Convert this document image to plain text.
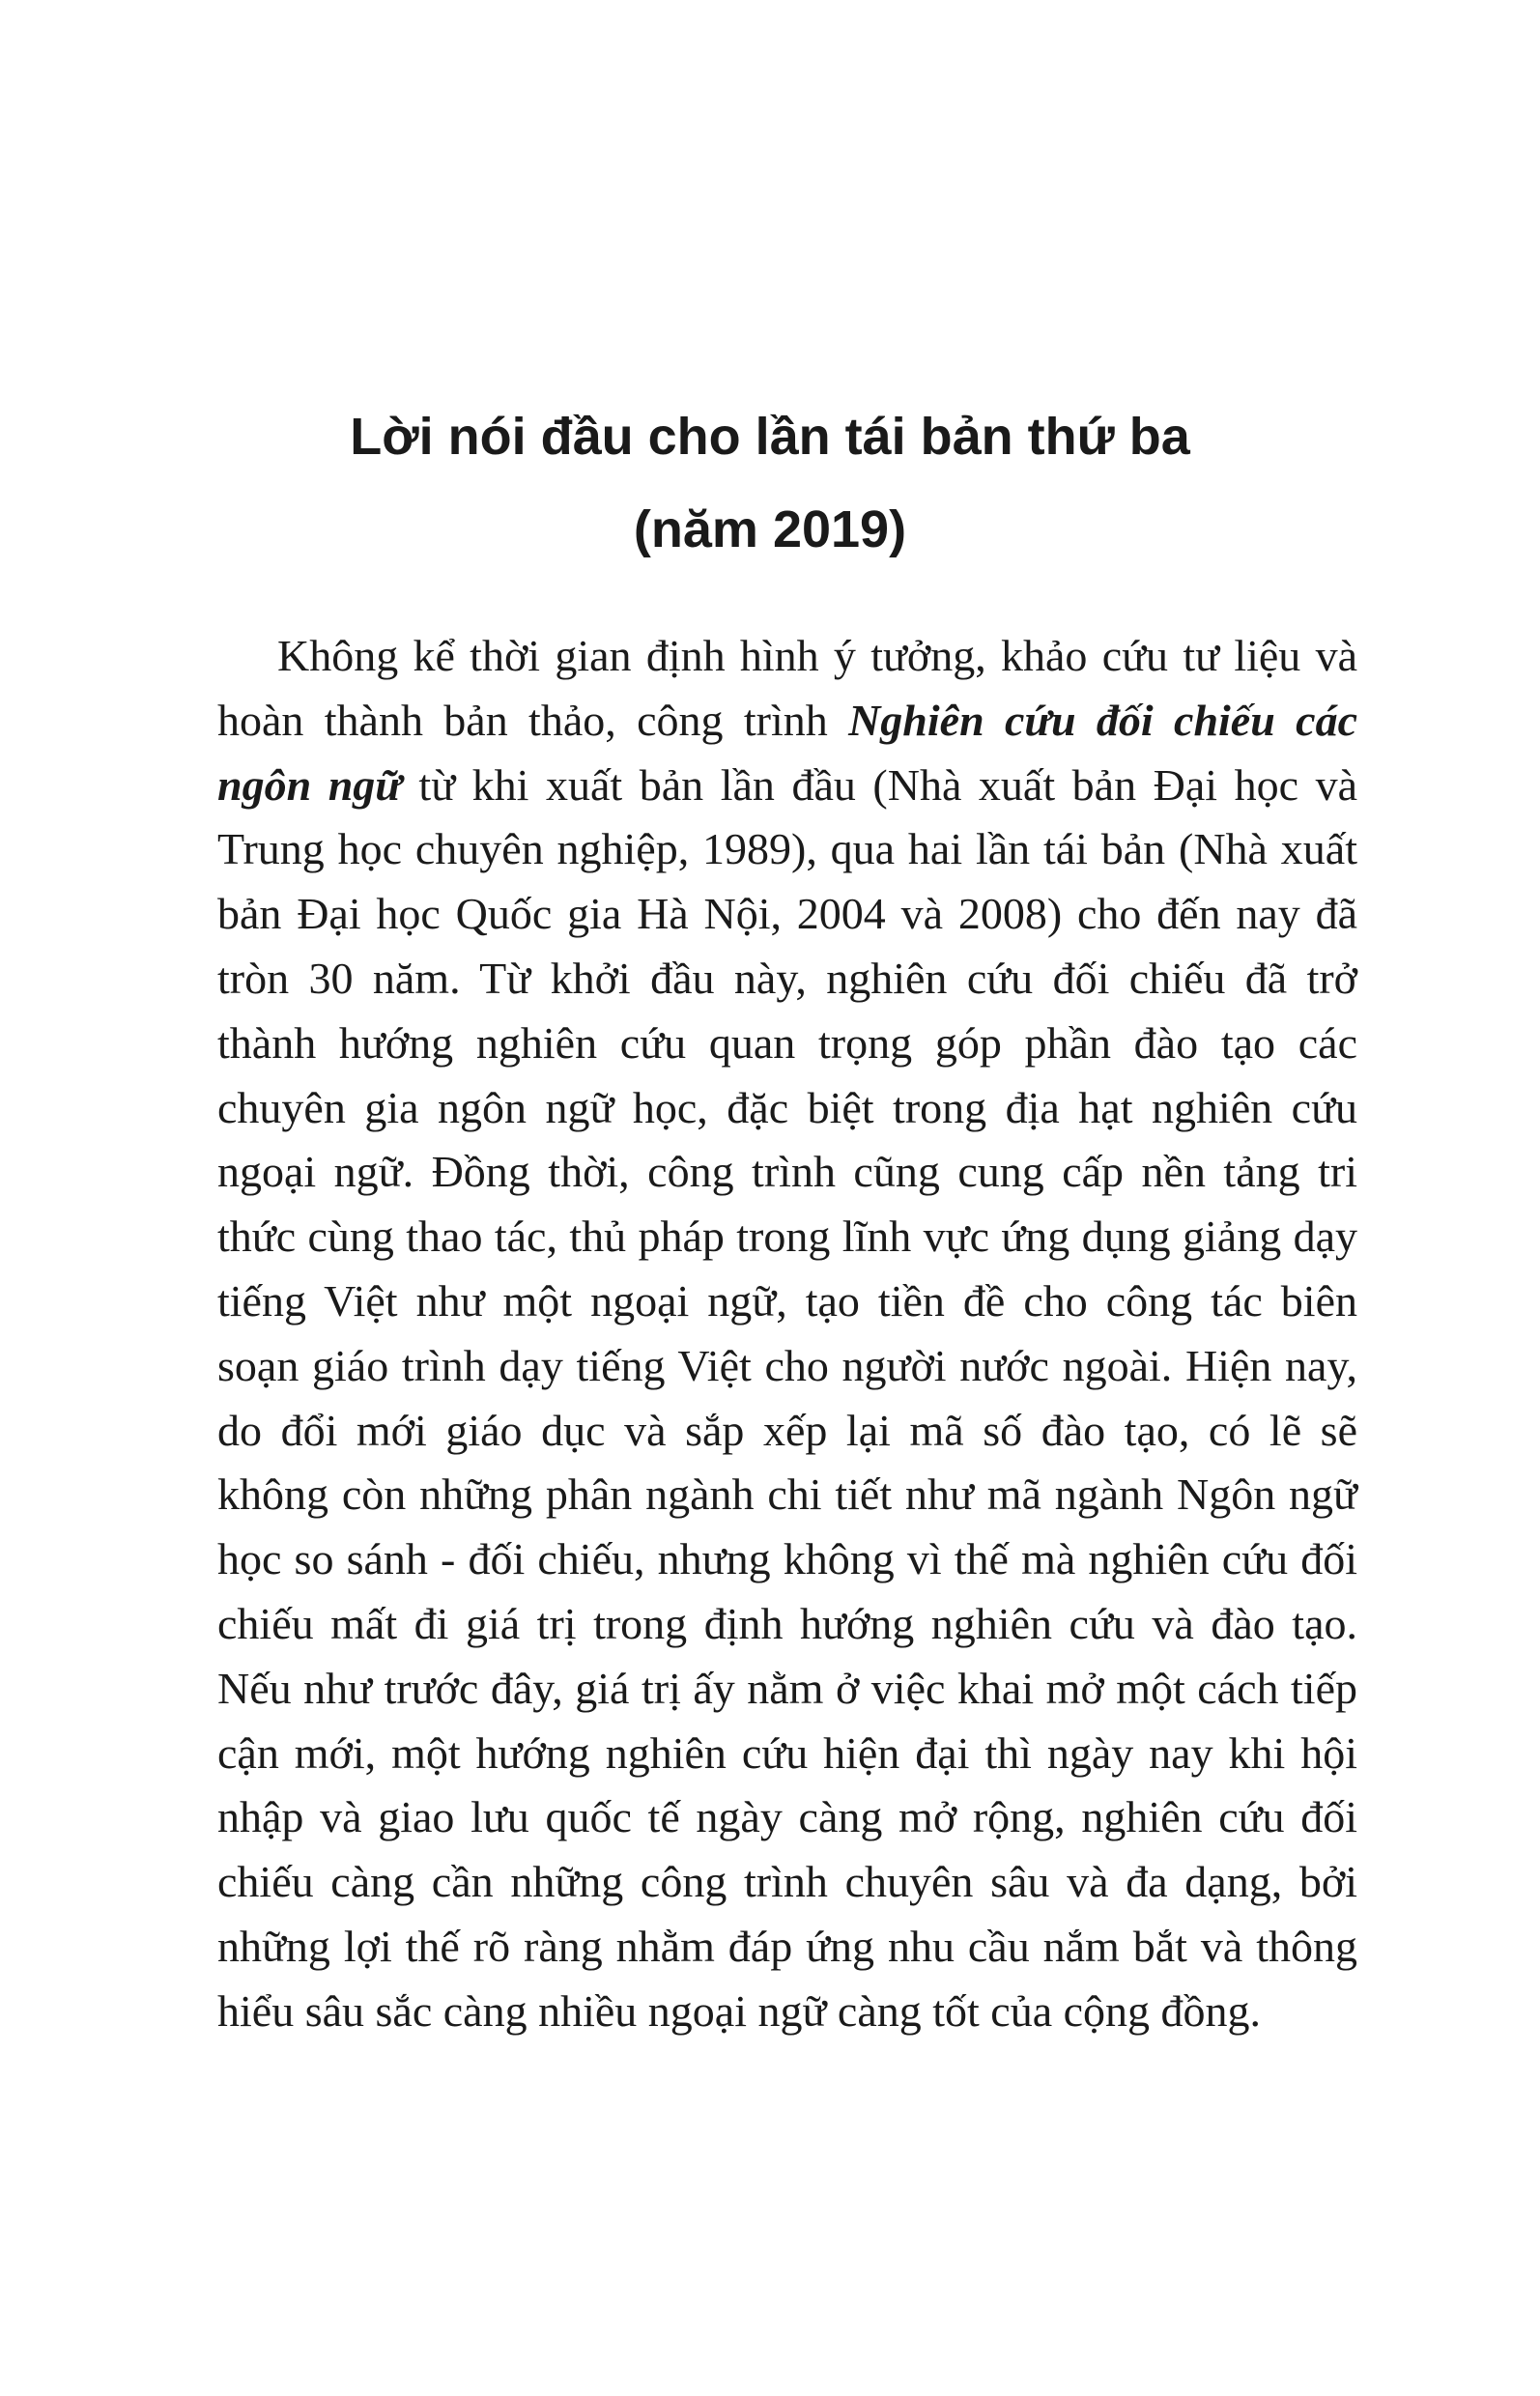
Lời nói đầu cho lần tái bản thứ ba
(năm 2019)

Không kể thời gian định hình ý tưởng, khảo cứu tư liệu và hoàn thành bản thảo, công trình Nghiên cứu đối chiếu các ngôn ngữ từ khi xuất bản lần đầu (Nhà xuất bản Đại học và Trung học chuyên nghiệp, 1989), qua hai lần tái bản (Nhà xuất bản Đại học Quốc gia Hà Nội, 2004 và 2008) cho đến nay đã tròn 30 năm. Từ khởi đầu này, nghiên cứu đối chiếu đã trở thành hướng nghiên cứu quan trọng góp phần đào tạo các chuyên gia ngôn ngữ học, đặc biệt trong địa hạt nghiên cứu ngoại ngữ. Đồng thời, công trình cũng cung cấp nền tảng tri thức cùng thao tác, thủ pháp trong lĩnh vực ứng dụng giảng dạy tiếng Việt như một ngoại ngữ, tạo tiền đề cho công tác biên soạn giáo trình dạy tiếng Việt cho người nước ngoài. Hiện nay, do đổi mới giáo dục và sắp xếp lại mã số đào tạo, có lẽ sẽ không còn những phân ngành chi tiết như mã ngành Ngôn ngữ học so sánh - đối chiếu, nhưng không vì thế mà nghiên cứu đối chiếu mất đi giá trị trong định hướng nghiên cứu và đào tạo. Nếu như trước đây, giá trị ấy nằm ở việc khai mở một cách tiếp cận mới, một hướng nghiên cứu hiện đại thì ngày nay khi hội nhập và giao lưu quốc tế ngày càng mở rộng, nghiên cứu đối chiếu càng cần những công trình chuyên sâu và đa dạng, bởi những lợi thế rõ ràng nhằm đáp ứng nhu cầu nắm bắt và thông hiểu sâu sắc càng nhiều ngoại ngữ càng tốt của cộng đồng.
